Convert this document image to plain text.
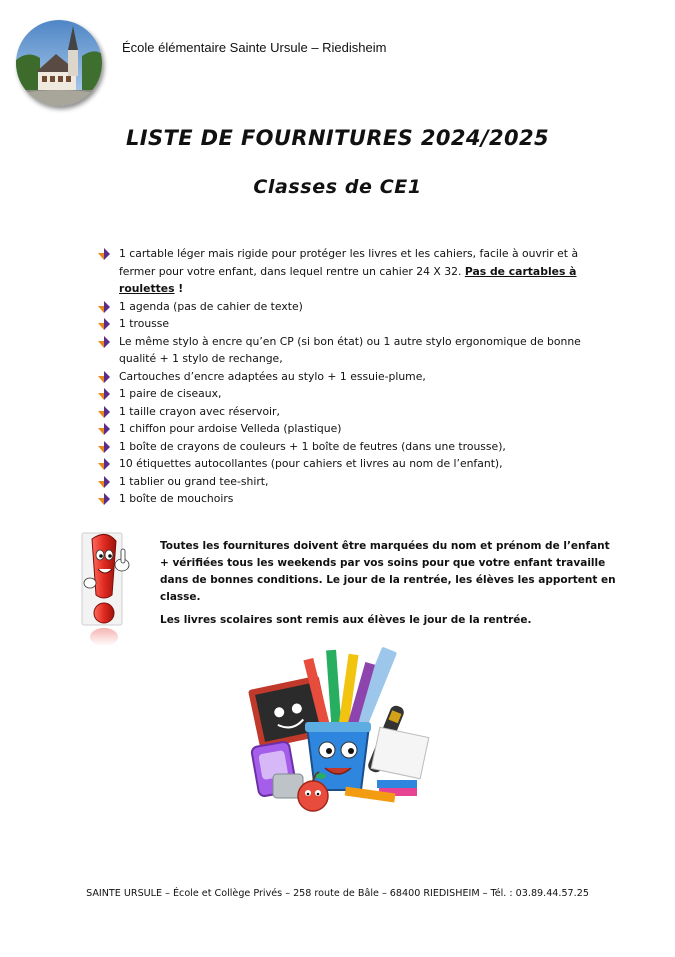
École élémentaire Sainte Ursule – Riedisheim
LISTE DE FOURNITURES 2024/2025
Classes de CE1
1 cartable léger mais rigide pour protéger les livres et les cahiers, facile à ouvrir et à fermer pour votre enfant, dans lequel rentre un cahier 24 X 32. Pas de cartables à roulettes !
1 agenda (pas de cahier de texte)
1 trousse
Le même stylo à encre qu’en CP (si bon état) ou 1 autre stylo ergonomique de bonne qualité + 1 stylo de rechange,
Cartouches d’encre adaptées au stylo + 1 essuie-plume,
1 paire de ciseaux,
1 taille crayon avec réservoir,
1 chiffon pour ardoise Velleda (plastique)
1 boîte de crayons de couleurs + 1 boîte de feutres (dans une trousse),
10 étiquettes autocollantes (pour cahiers et livres au nom de l’enfant),
1 tablier ou grand tee-shirt,
1 boîte de mouchoirs

Toutes les fournitures doivent être marquées du nom et prénom de l’enfant + vérifiées tous les weekends par vos soins pour que votre enfant travaille dans de bonnes conditions. Le jour de la rentrée, les élèves les apportent en classe.

Les livres scolaires sont remis aux élèves le jour de la rentrée.

SAINTE URSULE – École et Collège Privés – 258 route de Bâle – 68400 RIEDISHEIM – Tél. : 03.89.44.57.25
